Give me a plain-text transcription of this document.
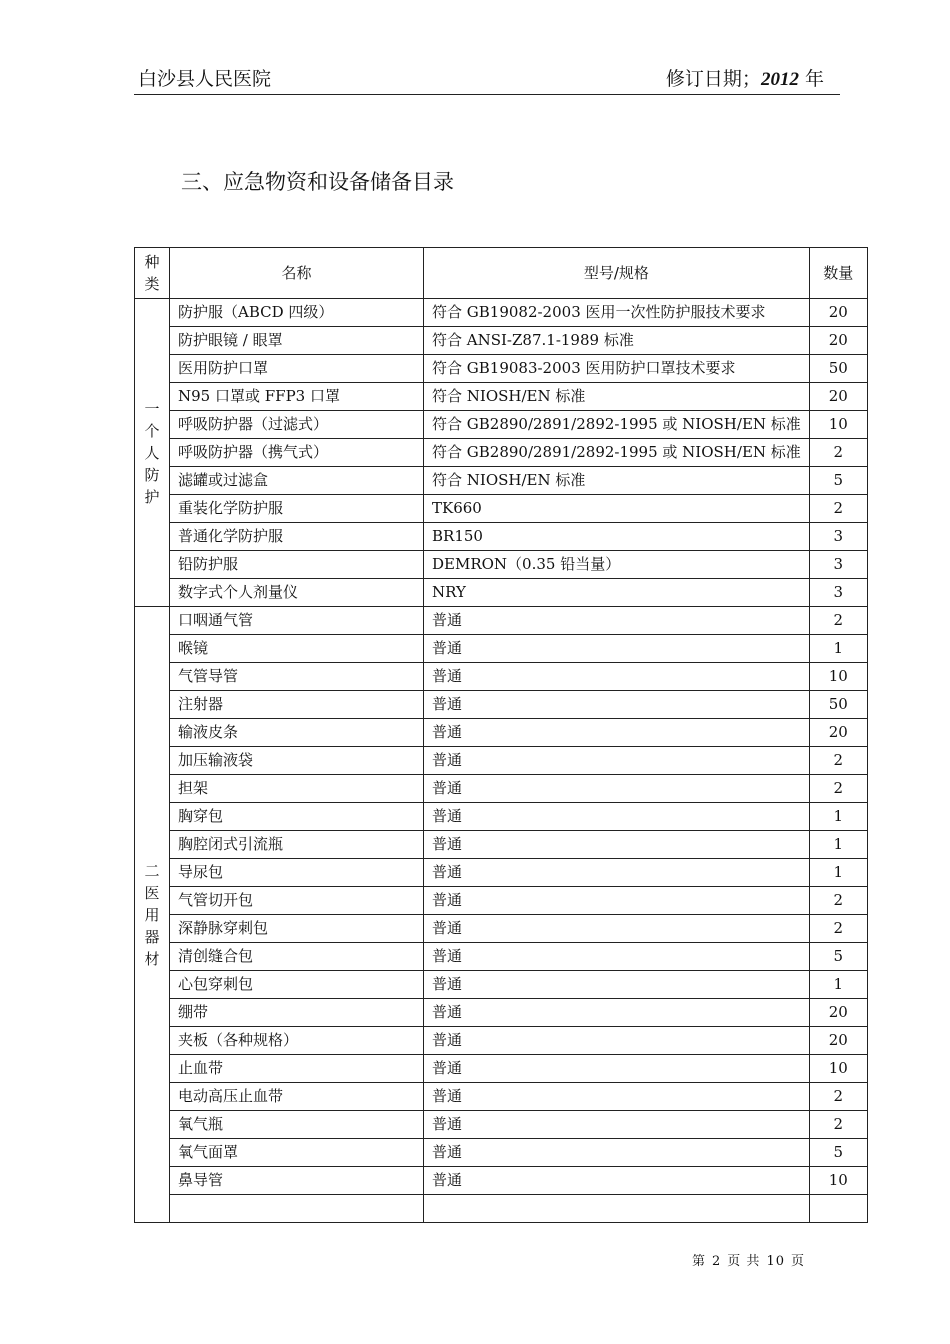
白沙县人民医院	修订日期；2012 年
三、应急物资和设备储备目录
种类	名称	型号/规格	数量

一个人防护	防护服（ABCD 四级）	符合 GB19082-2003 医用一次性防护服技术要求	20
	防护眼镜 / 眼罩	符合 ANSI-Z87.1-1989 标准	20
	医用防护口罩	符合 GB19083-2003 医用防护口罩技术要求	50
	N95 口罩或 FFP3 口罩	符合 NIOSH/EN 标准	20
	呼吸防护器（过滤式）	符合 GB2890/2891/2892-1995 或 NIOSH/EN 标准	10
	呼吸防护器（携气式）	符合 GB2890/2891/2892-1995 或 NIOSH/EN 标准	2
	滤罐或过滤盒	符合 NIOSH/EN 标准	5
	重装化学防护服	TK660	2
	普通化学防护服	BR150	3
	铅防护服	DEMRON（0.35 铅当量）	3
	数字式个人剂量仪	NRY	3

二医用器材	口咽通气管	普通	2
	喉镜	普通	1
	气管导管	普通	10
	注射器	普通	50
	输液皮条	普通	20
	加压输液袋	普通	2
	担架	普通	2
	胸穿包	普通	1
	胸腔闭式引流瓶	普通	1
	导尿包	普通	1
	气管切开包	普通	2
	深静脉穿刺包	普通	2
	清创缝合包	普通	5
	心包穿刺包	普通	1
	绷带	普通	20
	夹板（各种规格）	普通	20
	止血带	普通	10
	电动高压止血带	普通	2
	氧气瓶	普通	2
	氧气面罩	普通	5
	鼻导管	普通	10

第 2 页 共 10 页
